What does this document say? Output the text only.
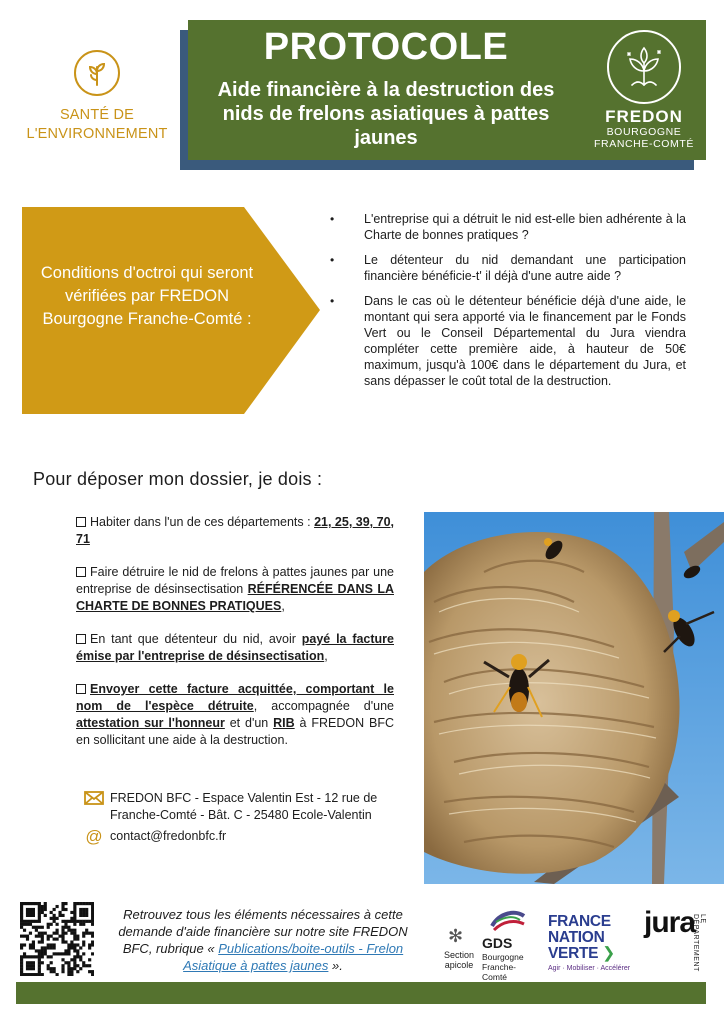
SANTÉ DE
L'ENVIRONNEMENT
PROTOCOLE
Aide financière à la destruction des nids de frelons asiatiques à pattes jaunes
FREDON
BOURGOGNE
FRANCHE-COMTÉ
Conditions d'octroi qui seront vérifiées par FREDON Bourgogne Franche-Comté :
• L'entreprise qui a détruit le nid est-elle bien adhérente à la Charte de bonnes pratiques ?
• Le détenteur du nid demandant une participation financière bénéficie-t' il déjà d'une autre aide ?
• Dans le cas où le détenteur bénéficie déjà d'une aide, le montant qui sera apporté via le financement par le Fonds Vert ou le Conseil Départemental du Jura viendra compléter cette première aide, à hauteur de 50€ maximum, jusqu'à 100€ dans le département du Jura, et sans dépasser le coût total de la destruction.
Pour déposer mon dossier, je dois :

Habiter dans l'un de ces départements : 21, 25, 39, 70, 71

Faire détruire le nid de frelons à pattes jaunes par une entreprise de désinsectisation RÉFÉRENCÉE DANS LA CHARTE DE BONNES PRATIQUES,

En tant que détenteur du nid, avoir payé la facture émise par l'entreprise de désinsectisation,

Envoyer cette facture acquittée, comportant le nom de l'espèce détruite, accompagnée d'une attestation sur l'honneur et d'un RIB à FREDON BFC en sollicitant une aide à la destruction.

FREDON BFC - Espace Valentin Est - 12 rue de Franche-Comté - Bât. C - 25480 Ecole-Valentin
@ contact@fredonbfc.fr
Retrouvez tous les éléments nécessaires à cette demande d'aide financière sur notre site FREDON BFC, rubrique « Publications/boite-outils - Frelon Asiatique à pattes jaunes ».
✻
Section
apicole
GDS
Bourgogne
Franche-Comté
FRANCE
NATION
VERTE ❯
Agir · Mobiliser · Accélérer
jura LE DÉPARTEMENT
